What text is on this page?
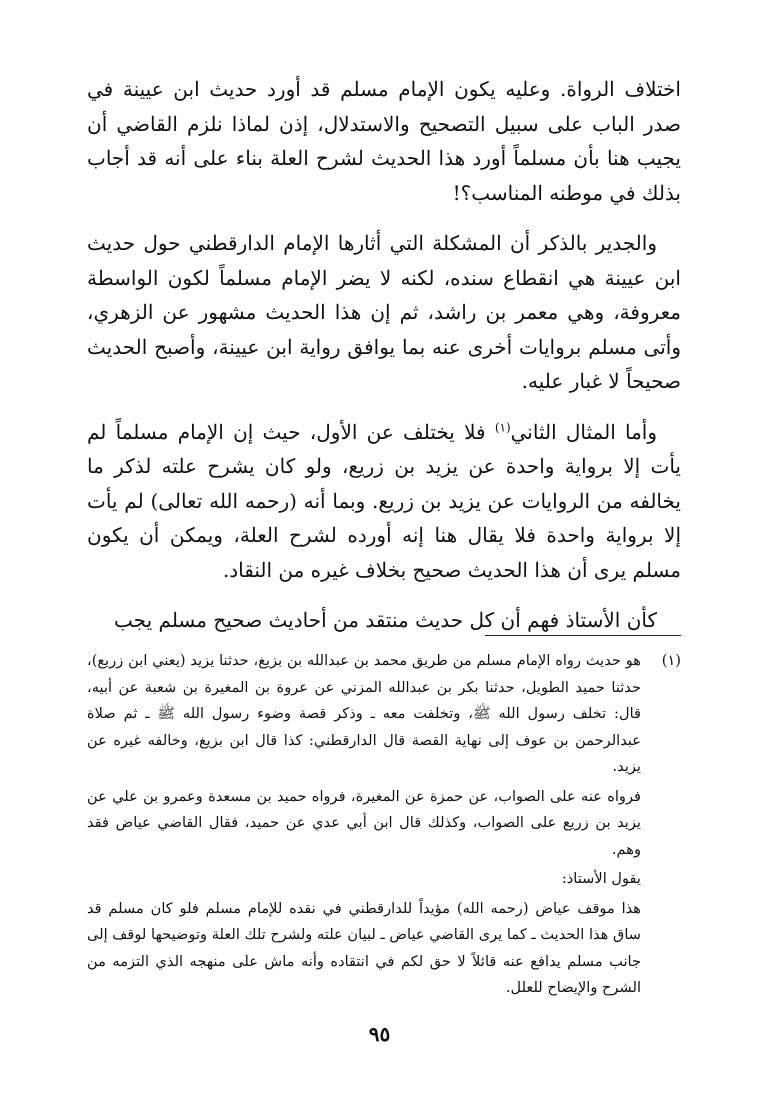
اختلاف الرواة. وعليه يكون الإمام مسلم قد أورد حديث ابن عيينة في صدر الباب على سبيل التصحيح والاستدلال، إذن لماذا نلزم القاضي أن يجيب هنا بأن مسلماً أورد هذا الحديث لشرح العلة بناء على أنه قد أجاب بذلك في موطنه المناسب؟!

والجدير بالذكر أن المشكلة التي أثارها الإمام الدارقطني حول حديث ابن عيينة هي انقطاع سنده، لكنه لا يضر الإمام مسلماً لكون الواسطة معروفة، وهي معمر بن راشد، ثم إن هذا الحديث مشهور عن الزهري، وأتى مسلم بروايات أخرى عنه بما يوافق رواية ابن عيينة، وأصبح الحديث صحيحاً لا غبار عليه.

وأما المثال الثاني$^{(١)}$ فلا يختلف عن الأول، حيث إن الإمام مسلماً لم يأت إلا برواية واحدة عن يزيد بن زريع، ولو كان يشرح علته لذكر ما يخالفه من الروايات عن يزيد بن زريع. وبما أنه (رحمه الله تعالى) لم يأت إلا برواية واحدة فلا يقال هنا إنه أورده لشرح العلة، ويمكن أن يكون مسلم يرى أن هذا الحديث صحيح بخلاف غيره من النقاد.

كأن الأستاذ فهم أن كل حديث منتقد من أحاديث صحيح مسلم يجب

(١)

هو حديث رواه الإمام مسلم من طريق محمد بن عبدالله بن بزيغ، حدثنا يزيد (يعني ابن زريع)، حدثنا حميد الطويل، حدثنا بكر بن عبدالله المزني عن عروة بن المغيرة بن شعبة عن أبيه، قال: تخلف رسول الله ﷺ، وتخلفت معه ـ وذكر قصة وضوء رسول الله ﷺ ـ ثم صلاة عبدالرحمن بن عوف إلى نهاية القصة قال الدارقطني: كذا قال ابن بزيغ، وخالفه غيره عن يزيد.

فرواه عنه على الصواب، عن حمزة عن المغيرة، فرواه حميد بن مسعدة وعمرو بن علي عن يزيد بن زريع على الصواب، وكذلك قال ابن أبي عدي عن حميد، فقال القاضي عياض فقد وهم.

يقول الأستاذ:

هذا موقف عياض (رحمه الله) مؤيداً للدارقطني في نقده للإمام مسلم فلو كان مسلم قد ساق هذا الحديث ـ كما يرى القاضي عياض ـ لبيان علته ولشرح تلك العلة وتوضيحها لوقف إلى جانب مسلم يدافع عنه قائلاً لا حق لكم في انتقاده وأنه ماش على منهجه الذي التزمه من الشرح والإيضاح للعلل.

٩٥
